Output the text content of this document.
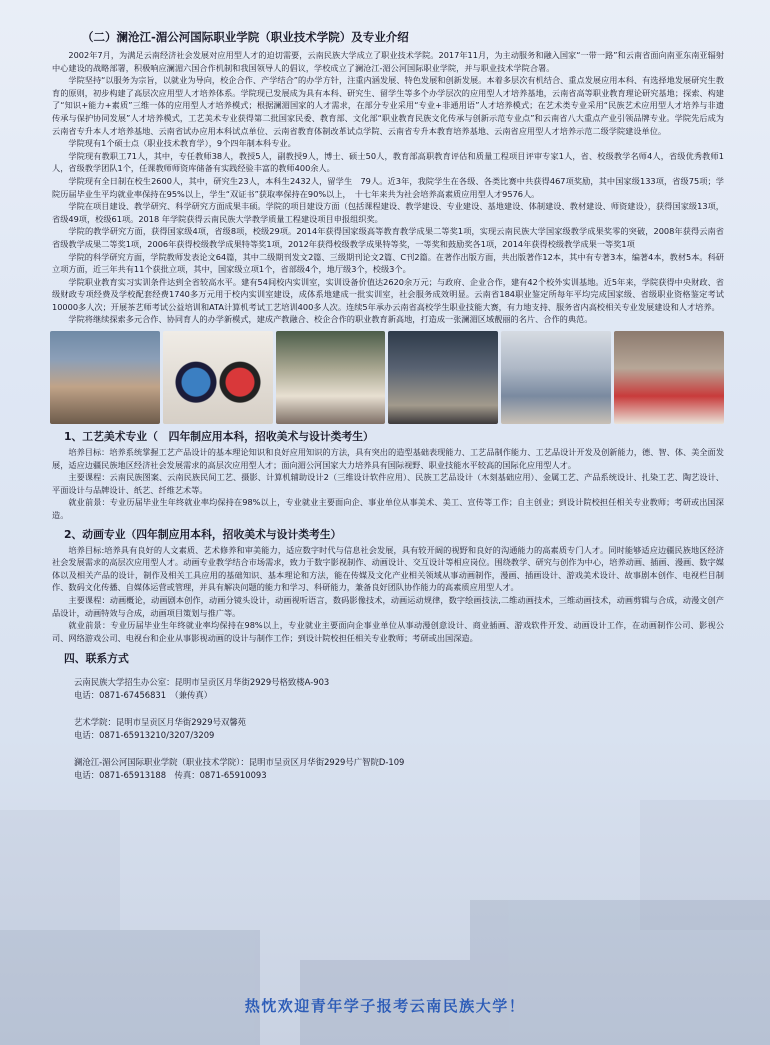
（二）澜沧江-湄公河国际职业学院（职业技术学院）及专业介绍

2002年7月，为满足云南经济社会发展对应用型人才的迫切需要，云南民族大学成立了职业技术学院。2017年11月，为主动服务和融入国家“一带一路”和云南省面向南亚东南亚辐射中心建设的战略部署，积极响应澜湄六国合作机制和我国领导人的倡议，学校成立了澜沧江-湄公河国际职业学院，并与职业技术学院合署。

学院坚持“以服务为宗旨，以就业为导向，校企合作、产学结合”的办学方针，注重内涵发展、特色发展和创新发展。本着多层次有机结合、重点发展应用本科、有选择地发展研究生教育的原则，初步构建了高层次应用型人才培养体系。学院现已发展成为具有本科、研究生、留学生等多个办学层次的应用型人才培养基地，云南省高等职业教育理论研究基地；探索、构建了“知识+能力+素质”三维一体的应用型人才培养模式；根据澜湄国家的人才需求，在部分专业采用“专业+非通用语”人才培养模式；在艺术类专业采用“民族艺术应用型人才培养与非遗传承与保护协同发展”人才培养模式，工艺美术专业获得第二批国家民委、教育部、文化部“职业教育民族文化传承与创新示范专业点”和云南省八大重点产业引领品牌专业。学院先后成为云南省专升本人才培养基地、云南省试办应用本科试点单位、云南省教育体制改革试点学院、云南省专升本教育培养基地、云南省应用型人才培养示范二级学院建设单位。

学院现有1个硕士点（职业技术教育学），9个四年制本科专业。

学院现有教职工71人，其中，专任教师38人，教授5人，副教授9人，博士、硕士50人，教育部高职教育评估和质量工程项目评审专家1人，省、校级教学名师4人，省级优秀教师1人，省级教学团队1个，任课教师师资库储备有实践经验丰富的教师400余人。

学院现有全日制在校生2600人，其中，研究生23人，本科生2432人，留学生　79人。近3年，我院学生在各级、各类比赛中共获得467项奖励，其中国家级133项，省级75项；学院历届毕业生平均就业率保持在95%以上，学生“双证书”获取率保持在90%以上，　十七年来共为社会培养高素质应用型人才9576人。

学院在项目建设、教学研究、科学研究方面成果丰硕。学院的项目建设方面（包括课程建设、教学建设、专业建设、基地建设、体制建设、教材建设、师资建设），获得国家级13项，省级49项，校级61项。2018 年学院获得云南民族大学教学质量工程建设项目申报组织奖。

学院的教学研究方面，获得国家级4项，省级8项，校级29项。2014年获得国家级高等教育教学成果二等奖1项，实现云南民族大学国家级教学成果奖零的突破，2008年获得云南省省级教学成果二等奖1项，2006年获得校级教学成果特等奖1项，2012年获得校级教学成果特等奖，一等奖和鼓励奖各1项，2014年获得校级教学成果一等奖1项

学院的科学研究方面，学院教师发表论文64篇，其中二级期刊发文2篇、三级期刊论文2篇、C刊2篇。在著作出版方面，共出版著作12本，其中有专著3本，编著4本，教材5本。科研立项方面，近三年共有11个获批立项，其中，国家级立项1个，省部级4个，地厅级3个，校级3个。

学院职业教育实习实训条件达到全省较高水平。建有54间校内实训室，实训设备价值达2620余万元；与政府、企业合作，建有42个校外实训基地。近5年来，学院获得中央财政、省级财政专项经费及学校配套经费1740多万元用于校内实训室建设，成体系地建成一批实训室，社会服务成效明显。云南省184职业鉴定所每年平均完成国家级、省级职业资格鉴定考试10000多人次；开展茶艺师考试公益培训和ATA计算机考试工艺培训400多人次。连续5年承办云南省高校学生职业技能大赛，有力地支持、服务省内高校相关专业发展建设和人才培养。

学院将继续探索多元合作、协同育人的办学新模式，建成产教融合、校企合作的职业教育新高地，打造成一张澜湄区域靓丽的名片、合作的典范。

1、工艺美术专业（　四年制应用本科，招收美术与设计类考生）

培养目标：培养系统掌握工艺产品设计的基本理论知识和良好应用知识的方法，具有突出的造型基础表现能力、工艺品制作能力、工艺品设计开发及创新能力，德、智、体、美全面发展，适应边疆民族地区经济社会发展需求的高层次应用型人才；面向湄公河国家大力培养具有国际视野、职业技能水平较高的国际化应用型人才。

主要课程：云南民族图案、云南民族民间工艺、摄影、计算机辅助设计2（三维设计软件应用）、民族工艺品设计（木刻基础应用）、金属工艺、产品系统设计、扎染工艺、陶艺设计、平面设计与品牌设计、纸艺、纤维艺术等。

就业前景：专业历届毕业生年终就业率均保持在98%以上，专业就业主要面向企、事业单位从事美术、美工、宣传等工作；自主创业；到设计院校担任相关专业教师；考研或出国深造。

2、动画专业（四年制应用本科，招收美术与设计类考生）

培养目标:培养具有良好的人文素质、艺术修养和审美能力，适应数字时代与信息社会发展，具有较开阔的视野和良好的沟通能力的高素质专门人才。同时能够适应边疆民族地区经济社会发展需求的高层次应用型人才。动画专业教学结合市场需求，致力于数字影视制作、动画设计、交互设计等相应岗位。围绕教学、研究与创作为中心，培养动画、插画、漫画、数字媒体以及相关产品的设计，制作及相关工具应用的基础知识、基本理论和方法，能在传媒及文化产业相关领域从事动画制作，漫画、插画设计、游戏美术设计、故事剧本创作、电视栏目制作、数码文化传播、自媒体运营或管理，并具有解决问题的能力和学习、科研能力，兼备良好团队协作能力的高素质应用型人才。

主要课程：动画概论，动画剧本创作，动画分镜头设计，动画视听语言，数码影像技术，动画运动规律，数字绘画技法,二维动画技术，三维动画技术，动画剪辑与合成，动漫文创产品设计，动画特效与合成，动画项目策划与推广等。

就业前景：专业历届毕业生年终就业率均保持在98%以上，专业就业主要面向企事业单位从事动漫创意设计、商业插画、游戏软件开发、动画设计工作，在动画制作公司、影视公司、网络游戏公司、电视台和企业从事影视动画的设计与制作工作；到设计院校担任相关专业教师；考研或出国深造。

四、联系方式
云南民族大学招生办公室：昆明市呈贡区月华街2929号格致楼A-903
电话：0871-67456831　（兼传真）
艺术学院：昆明市呈贡区月华街2929号双馨苑
电话：0871-65913210/3207/3209
澜沧江-湄公河国际职业学院（职业技术学院）：昆明市呈贡区月华街2929号广智院D-109
电话：0871-65913188　传真：0871-65910093
热忱欢迎青年学子报考云南民族大学！
